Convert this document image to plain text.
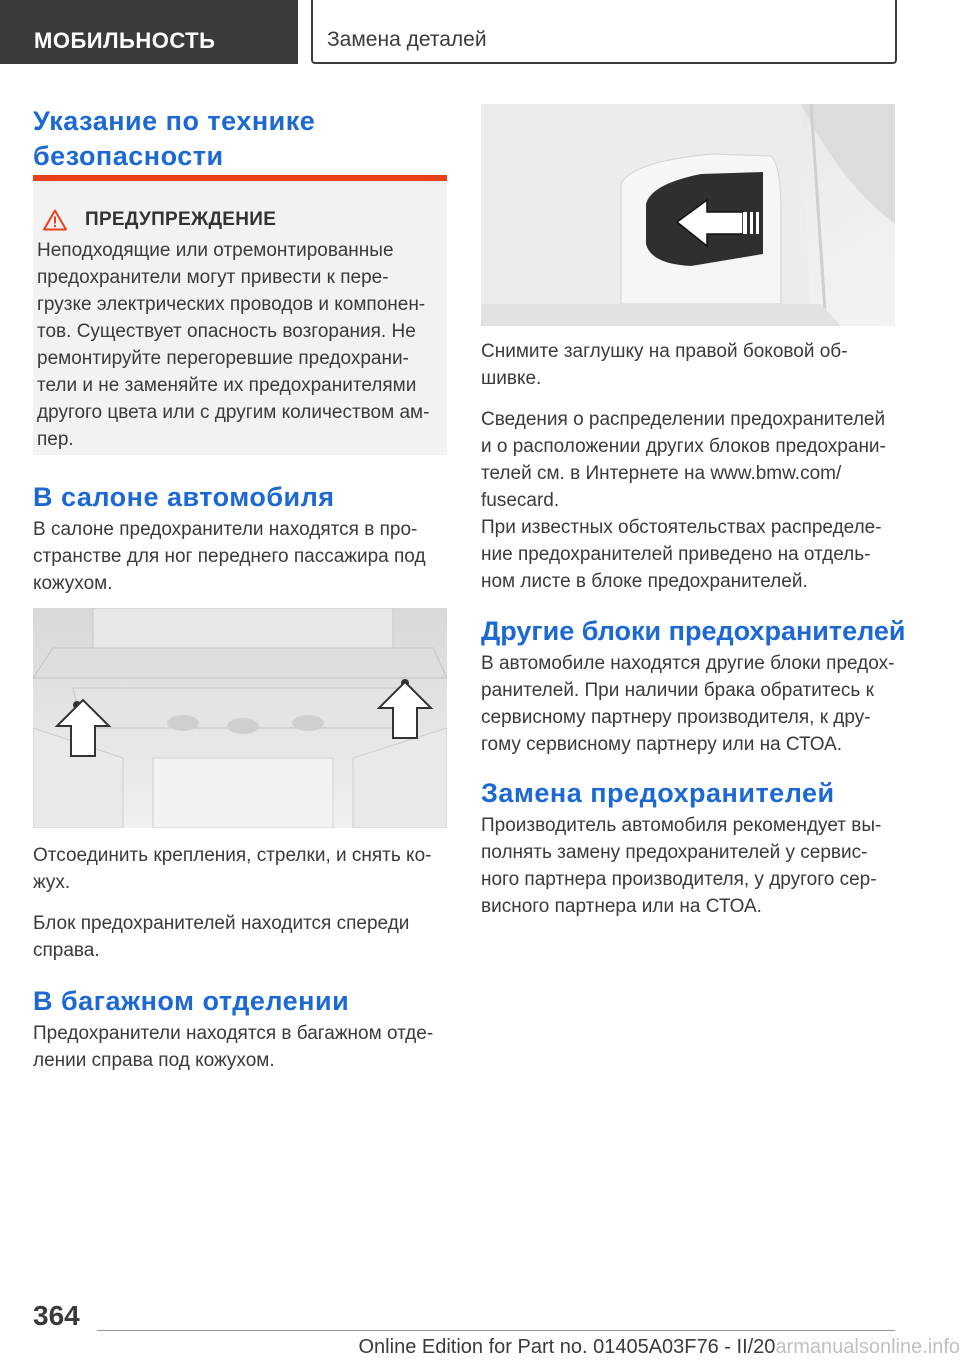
МОБИЛЬНОСТЬ	Замена деталей
Указание по технике
безопасности
ПРЕДУПРЕЖДЕНИЕ
Неподходящие или отремонтированные
предохранители могут привести к пере-
грузке электрических проводов и компонен-
тов. Существует опасность возгорания. Не
ремонтируйте перегоревшие предохрани-
тели и не заменяйте их предохранителями
другого цвета или с другим количеством ам-
пер.
В салоне автомобиля

В салоне предохранители находятся в про-
странстве для ног переднего пассажира под
кожухом.

Отсоединить крепления, стрелки, и снять ко-
жух.

Блок предохранителей находится спереди
справа.

В багажном отделении

Предохранители находятся в багажном отде-
лении справа под кожухом.

Снимите заглушку на правой боковой об-
шивке.

Сведения о распределении предохранителей
и о расположении других блоков предохрани-
телей см. в Интернете на www.bmw.com/
fusecard.

При известных обстоятельствах распределе-
ние предохранителей приведено на отдель-
ном листе в блоке предохранителей.

Другие блоки предохранителей

В автомобиле находятся другие блоки предох-
ранителей. При наличии брака обратитесь к
сервисному партнеру производителя, к дру-
гому сервисному партнеру или на СТОА.

Замена предохранителей

Производитель автомобиля рекомендует вы-
полнять замену предохранителей у сервис-
ного партнера производителя, у другого сер-
висного партнера или на СТОА.

364
Online Edition for Part no. 01405A03F76 - II/20armanualsonline.info
